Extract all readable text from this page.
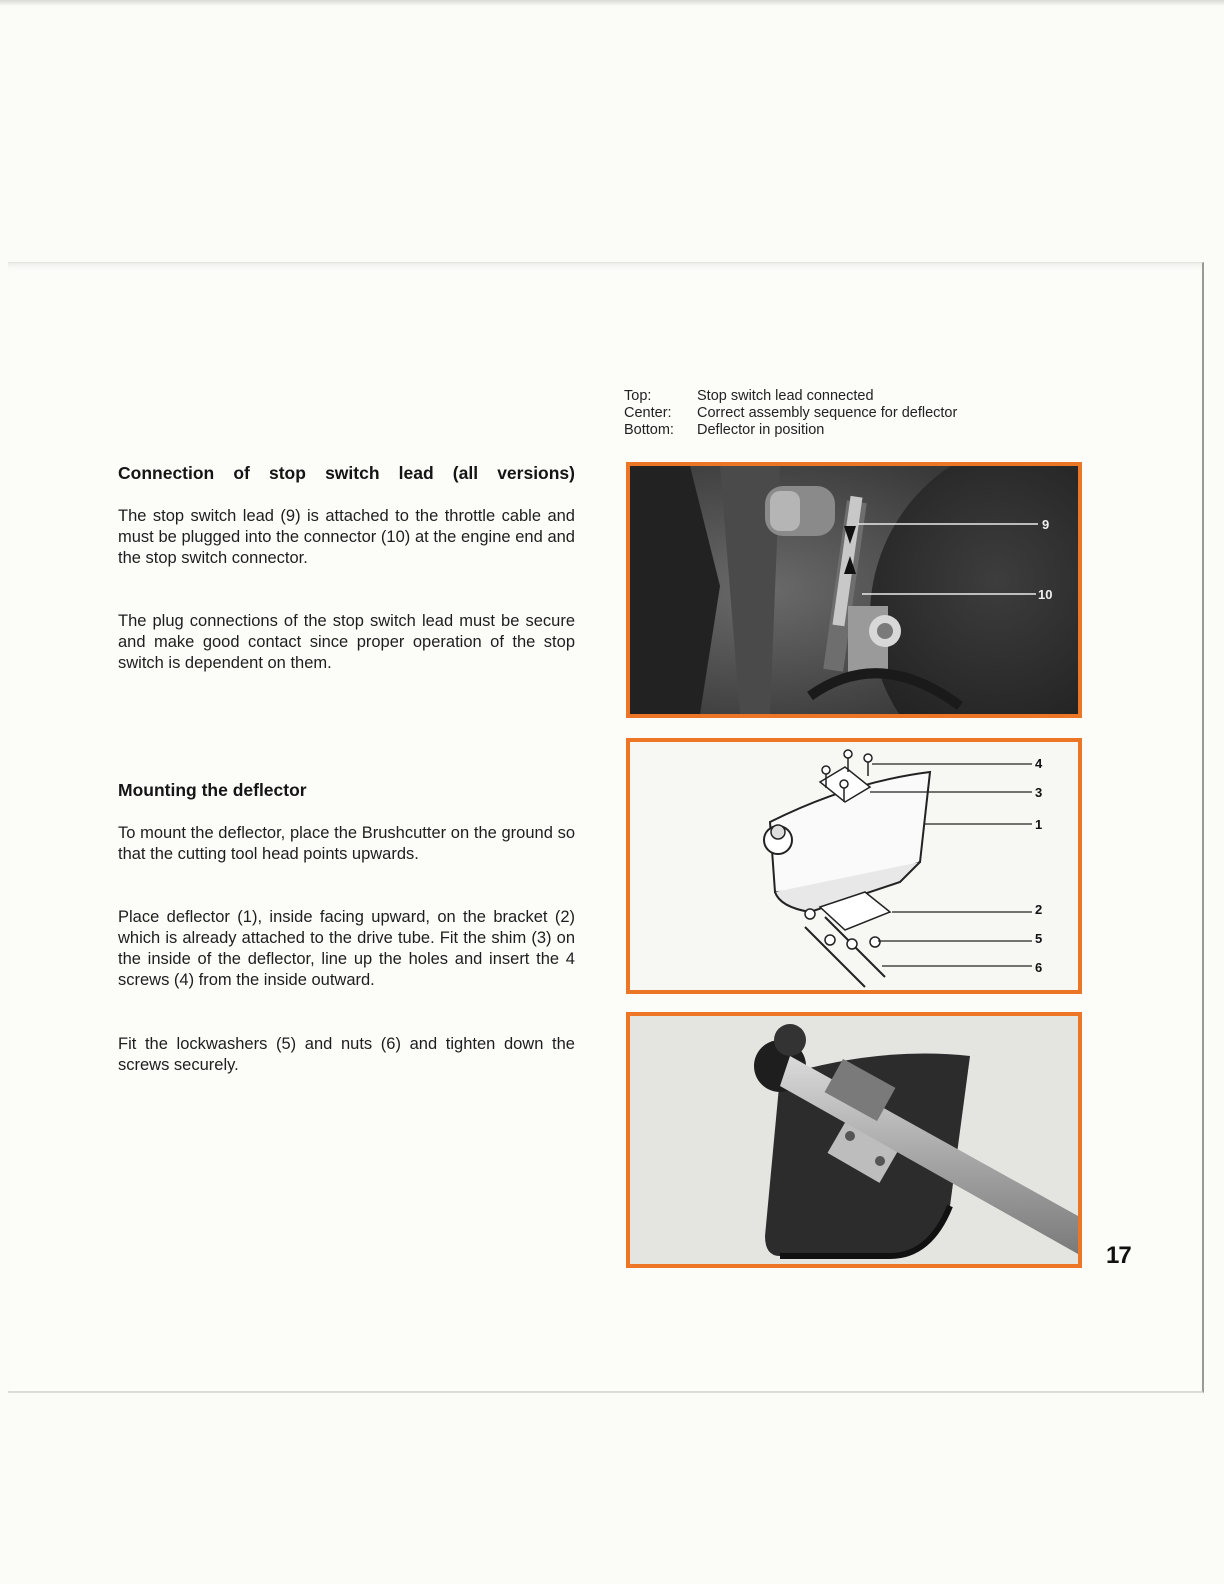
Top:	Stop switch lead connected
Center:	Correct assembly sequence for deflector
Bottom:	Deflector in position
Connection of stop switch lead (all versions)

The stop switch lead (9) is attached to the throttle cable and must be plugged into the connector (10) at the engine end and the stop switch connector.

The plug connections of the stop switch lead must be secure and make good contact since proper operation of the stop switch is dependent on them.

Mounting the deflector

To mount the deflector, place the Brushcutter on the ground so that the cutting tool head points upwards.

Place deflector (1), inside facing upward, on the bracket (2) which is already attached to the drive tube. Fit the shim (3) on the inside of the deflector, line up the holes and insert the 4 screws (4) from the inside outward.

Fit the lockwashers (5) and nuts (6) and tighten down the screws securely.

9
10
4
3
1
2
5
6
17
